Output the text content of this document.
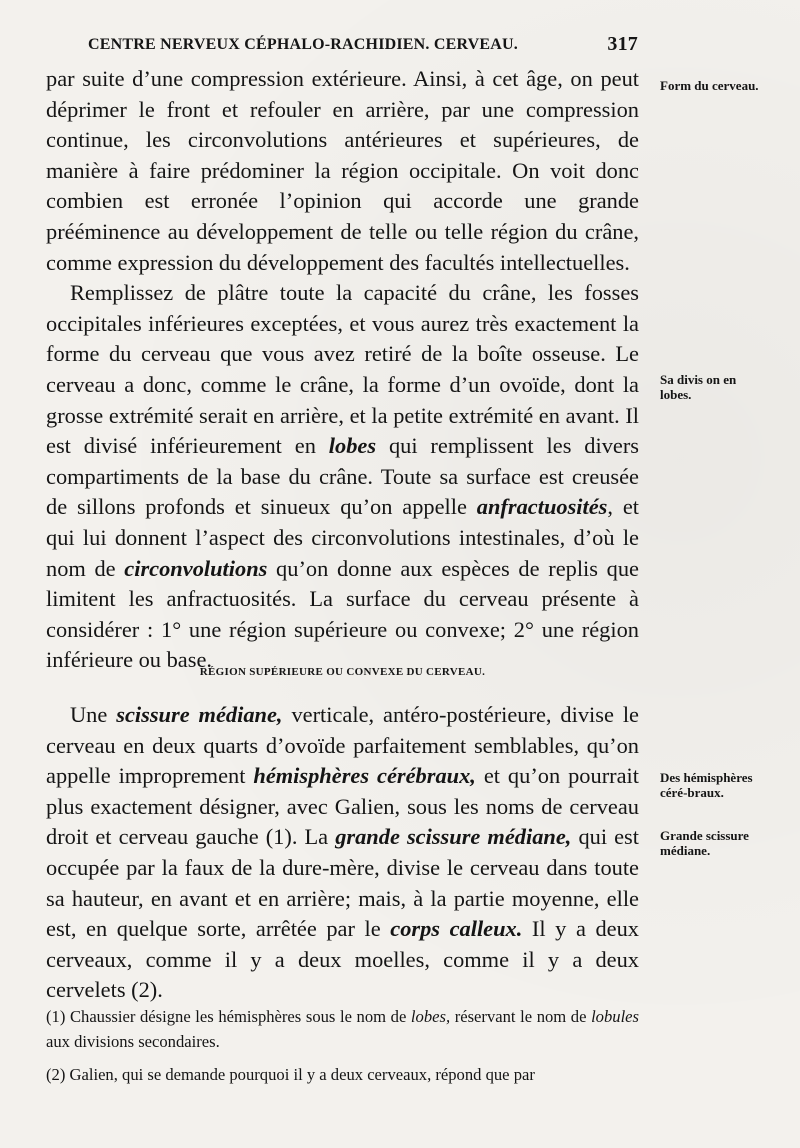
CENTRE NERVEUX CÉPHALO-RACHIDIEN. CERVEAU.	317

par suite d’une compression extérieure. Ainsi, à cet âge, on peut déprimer le front et refouler en arrière, par une compression continue, les circonvolutions antérieures et supérieures, de manière à faire prédominer la région occipitale. On voit donc combien est erronée l’opinion qui accorde une grande prééminence au développement de telle ou telle région du crâne, comme expression du développement des facultés intellectuelles.

Remplissez de plâtre toute la capacité du crâne, les fosses occipitales inférieures exceptées, et vous aurez très exactement la forme du cerveau que vous avez retiré de la boîte osseuse. Le cerveau a donc, comme le crâne, la forme d’un ovoïde, dont la grosse extrémité serait en arrière, et la petite extrémité en avant. Il est divisé inférieurement en lobes qui remplissent les divers compartiments de la base du crâne. Toute sa surface est creusée de sillons profonds et sinueux qu’on appelle anfractuosités, et qui lui donnent l’aspect des circonvolutions intestinales, d’où le nom de circonvolutions qu’on donne aux espèces de replis que limitent les anfractuosités. La surface du cerveau présente à considérer : 1° une région supérieure ou convexe; 2° une région inférieure ou base.

RÉGION SUPÉRIEURE OU CONVEXE DU CERVEAU.

Une scissure médiane, verticale, antéro-postérieure, divise le cerveau en deux quarts d’ovoïde parfaitement semblables, qu’on appelle improprement hémisphères cérébraux, et qu’on pourrait plus exactement désigner, avec Galien, sous les noms de cerveau droit et cerveau gauche (1). La grande scissure médiane, qui est occupée par la faux de la dure-mère, divise le cerveau dans toute sa hauteur, en avant et en arrière; mais, à la partie moyenne, elle est, en quelque sorte, arrêtée par le corps calleux. Il y a deux cerveaux, comme il y a deux moelles, comme il y a deux cervelets (2).

(1) Chaussier désigne les hémisphères sous le nom de lobes, réservant le nom de lobules aux divisions secondaires.

(2) Galien, qui se demande pourquoi il y a deux cerveaux, répond que par

Form du cerveau.
Sa divis on en lobes.
Des hémisphères céré-braux.
Grande scissure médiane.
